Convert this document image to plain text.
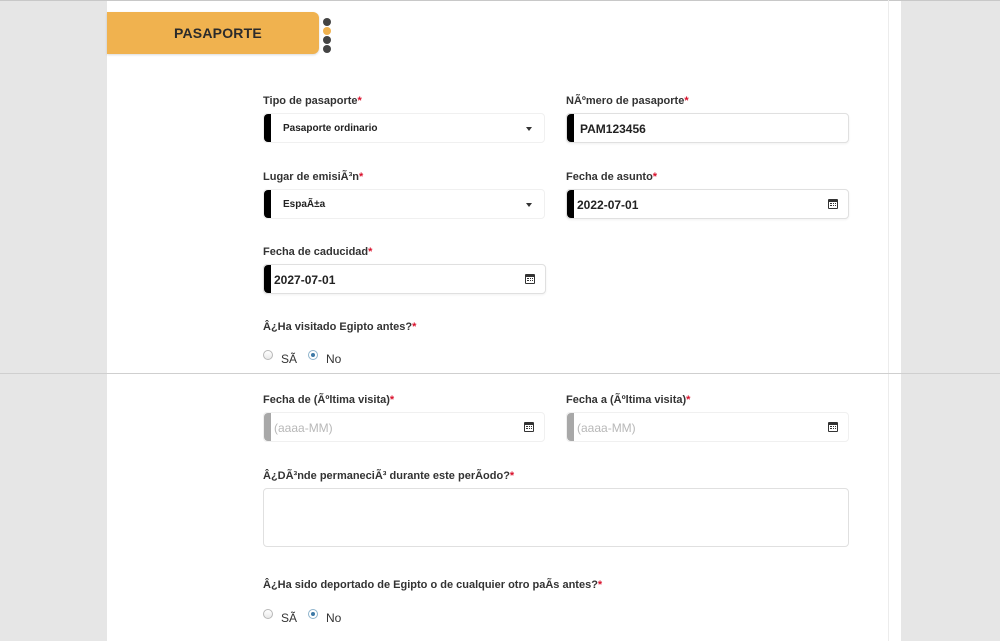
PASAPORTE
Tipo de pasaporte*
Pasaporte ordinario
NÃºmero de pasaporte*
PAM123456
Lugar de emisiÃ³n*
EspaÃ±a
Fecha de asunto*
2022-07-01
Fecha de caducidad*
2027-07-01
Â¿Ha visitado Egipto antes?*
SÃ No
Fecha de (Ãºltima visita)*
(aaaa-MM)
Fecha a (Ãºltima visita)*
(aaaa-MM)
Â¿DÃ³nde permaneciÃ³ durante este perÃodo?*
Â¿Ha sido deportado de Egipto o de cualquier otro paÃs antes?*
SÃ No
